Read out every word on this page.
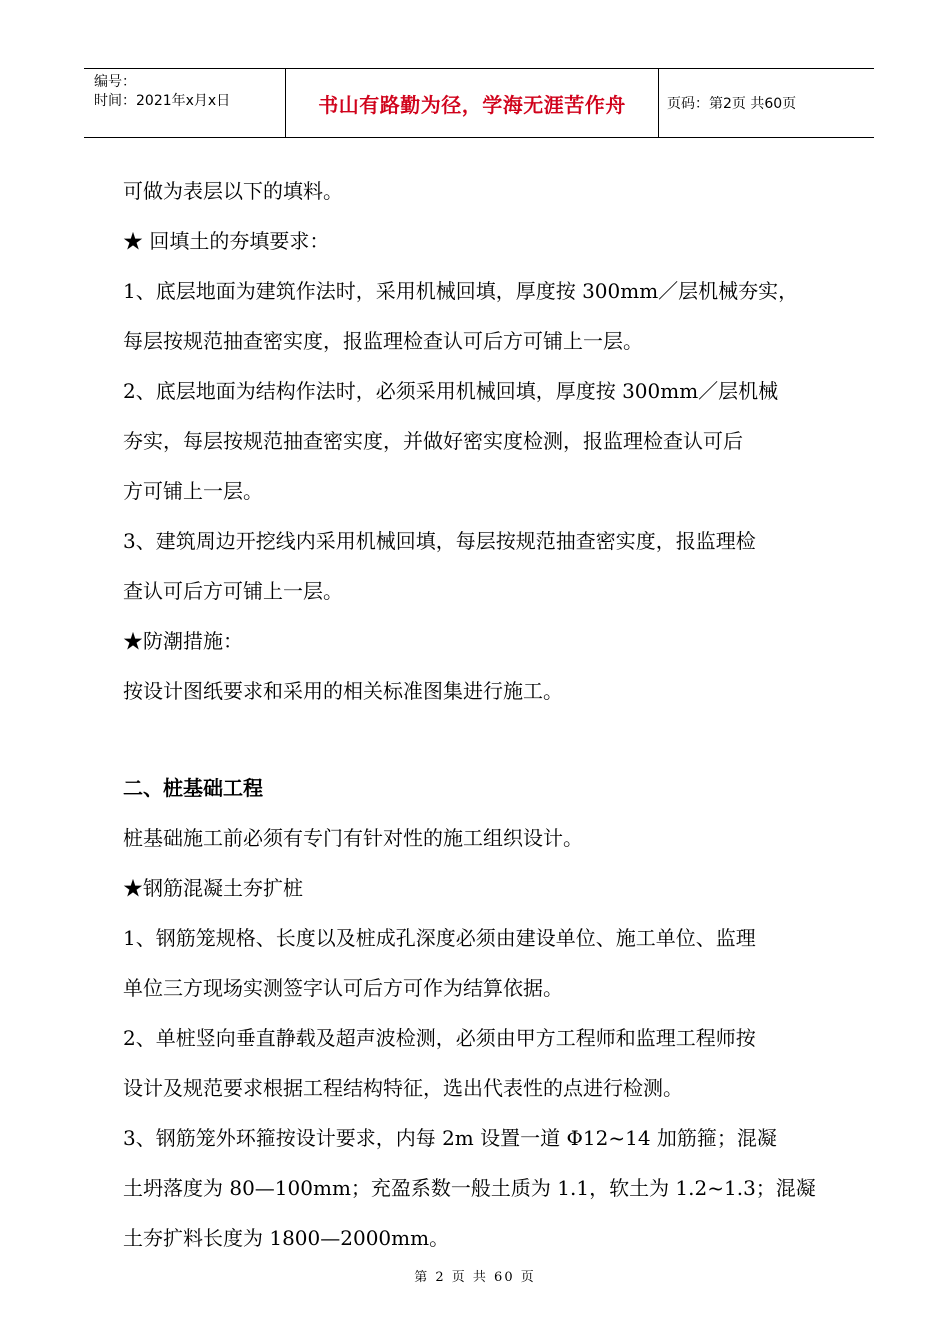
编号：
时间：2021年x月x日	书山有路勤为径，学海无涯苦作舟	页码：第2页 共60页
可做为表层以下的填料。
★ 回填土的夯填要求：
1、底层地面为建筑作法时，采用机械回填，厚度按 300mm／层机械夯实，
每层按规范抽查密实度，报监理检查认可后方可铺上一层。
2、底层地面为结构作法时，必须采用机械回填，厚度按 300mm／层机械
夯实，每层按规范抽查密实度，并做好密实度检测，报监理检查认可后
方可铺上一层。
3、建筑周边开挖线内采用机械回填，每层按规范抽查密实度，报监理检
查认可后方可铺上一层。
★防潮措施：
按设计图纸要求和采用的相关标准图集进行施工。
二、桩基础工程
桩基础施工前必须有专门有针对性的施工组织设计。
★钢筋混凝土夯扩桩
1、钢筋笼规格、长度以及桩成孔深度必须由建设单位、施工单位、监理
单位三方现场实测签字认可后方可作为结算依据。
2、单桩竖向垂直静载及超声波检测，必须由甲方工程师和监理工程师按
设计及规范要求根据工程结构特征，选出代表性的点进行检测。
3、钢筋笼外环箍按设计要求，内每 2m 设置一道 Φ12~14 加筋箍；混凝
土坍落度为 80—100mm；充盈系数一般土质为 1.1，软土为 1.2~1.3；混凝
土夯扩料长度为 1800—2000mm。
第 2 页 共 60 页
